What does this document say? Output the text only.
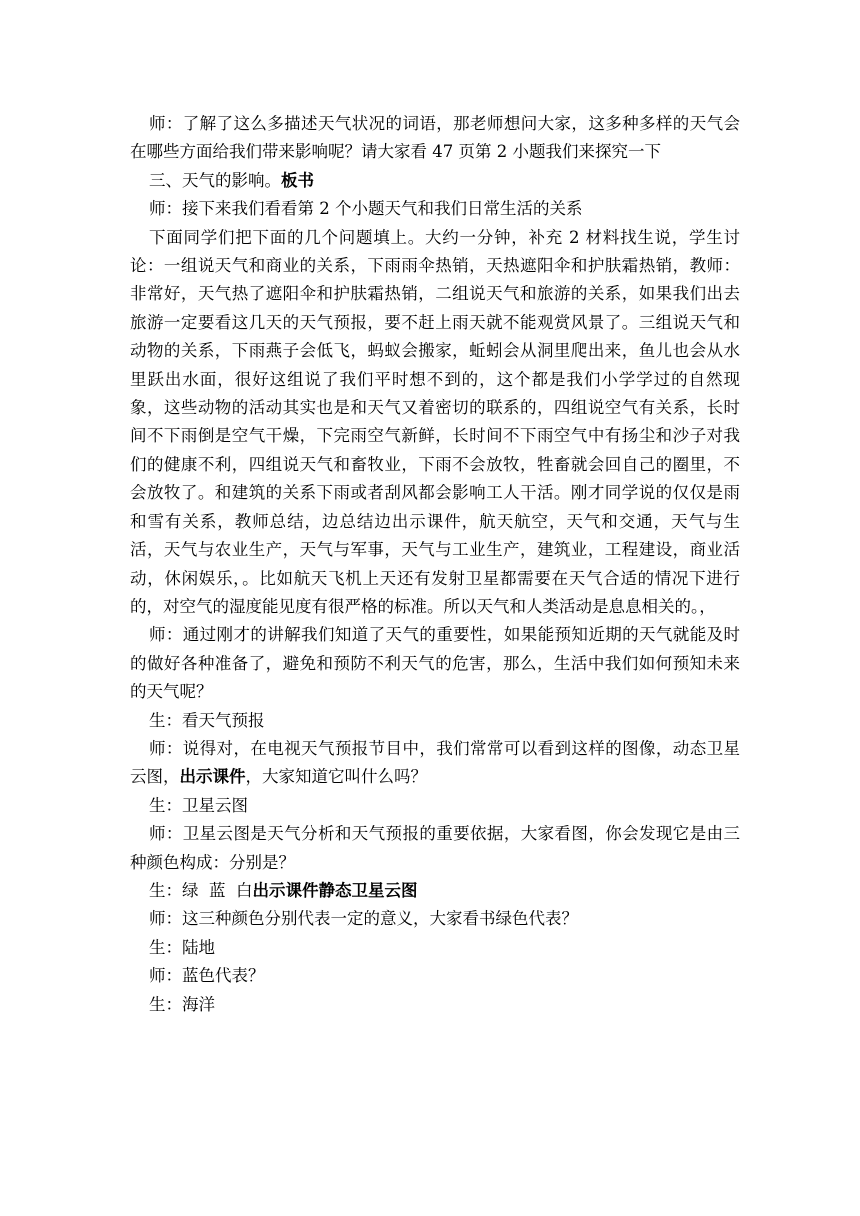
师：了解了这么多描述天气状况的词语，那老师想问大家，这多种多样的天气会在哪些方面给我们带来影响呢？请大家看 47 页第 2 小题我们来探究一下

三、天气的影响。板书

师：接下来我们看看第 2 个小题天气和我们日常生活的关系

下面同学们把下面的几个问题填上。大约一分钟，补充 2 材料找生说，学生讨论：一组说天气和商业的关系，下雨雨伞热销，天热遮阳伞和护肤霜热销，教师：非常好，天气热了遮阳伞和护肤霜热销，二组说天气和旅游的关系，如果我们出去旅游一定要看这几天的天气预报，要不赶上雨天就不能观赏风景了。三组说天气和动物的关系，下雨燕子会低飞，蚂蚁会搬家，蚯蚓会从洞里爬出来，鱼儿也会从水里跃出水面，很好这组说了我们平时想不到的，这个都是我们小学学过的自然现象，这些动物的活动其实也是和天气又着密切的联系的，四组说空气有关系，长时间不下雨倒是空气干燥，下完雨空气新鲜，长时间不下雨空气中有扬尘和沙子对我们的健康不利，四组说天气和畜牧业，下雨不会放牧，牲畜就会回自己的圈里，不会放牧了。和建筑的关系下雨或者刮风都会影响工人干活。刚才同学说的仅仅是雨和雪有关系，教师总结，边总结边出示课件，航天航空，天气和交通，天气与生活，天气与农业生产，天气与军事，天气与工业生产，建筑业，工程建设，商业活动，休闲娱乐，。比如航天飞机上天还有发射卫星都需要在天气合适的情况下进行的，对空气的湿度能见度有很严格的标准。所以天气和人类活动是息息相关的。，

师：通过刚才的讲解我们知道了天气的重要性，如果能预知近期的天气就能及时的做好各种准备了，避免和预防不利天气的危害，那么，生活中我们如何预知未来的天气呢？

生：看天气预报

师：说得对，在电视天气预报节目中，我们常常可以看到这样的图像，动态卫星云图，出示课件，大家知道它叫什么吗？

生：卫星云图

师：卫星云图是天气分析和天气预报的重要依据，大家看图，你会发现它是由三种颜色构成：分别是？

生：绿  蓝  白出示课件静态卫星云图

师：这三种颜色分别代表一定的意义，大家看书绿色代表？

生：陆地

师：蓝色代表？

生：海洋
